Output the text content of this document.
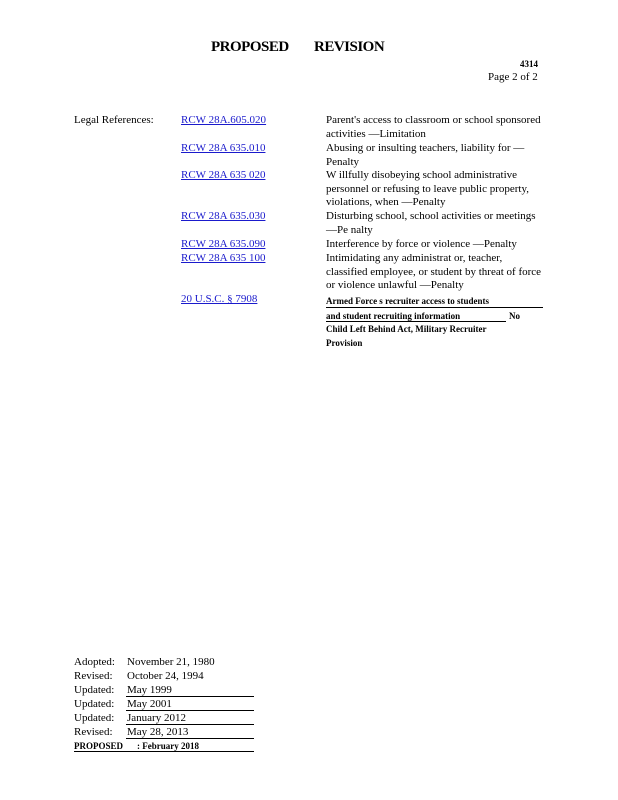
PROPOSED REVISION
4314
Page 2 of 2
Legal References: RCW 28A.605.020	Parent's access to classroom or school sponsored activities —Limitation
RCW 28A 635.010	Abusing or insulting teachers, liability for — Penalty
RCW 28A 635 020	W illfully disobeying school administrative personnel or refusing to leave public property, violations, when —Penalty
RCW 28A 635.030	Disturbing school, school activities or meetings —Pe nalty
RCW 28A 635.090	Interference by force or violence —Penalty
RCW 28A 635 100	Intimidating any administrat or, teacher, classified employee, or student by threat of force or violence unlawful —Penalty
20 U.S.C. § 7908	Armed Force s recruiter access to students
and student recruiting information	No
Child Left Behind Act, Military Recruiter
Provision
Adopted:	November 21, 1980
Revised:	October 24, 1994
Updated:	May 1999
Updated:	May 2001
Updated:	January 2012
Revised:	May 28, 2013
PROPOSED : February 2018
